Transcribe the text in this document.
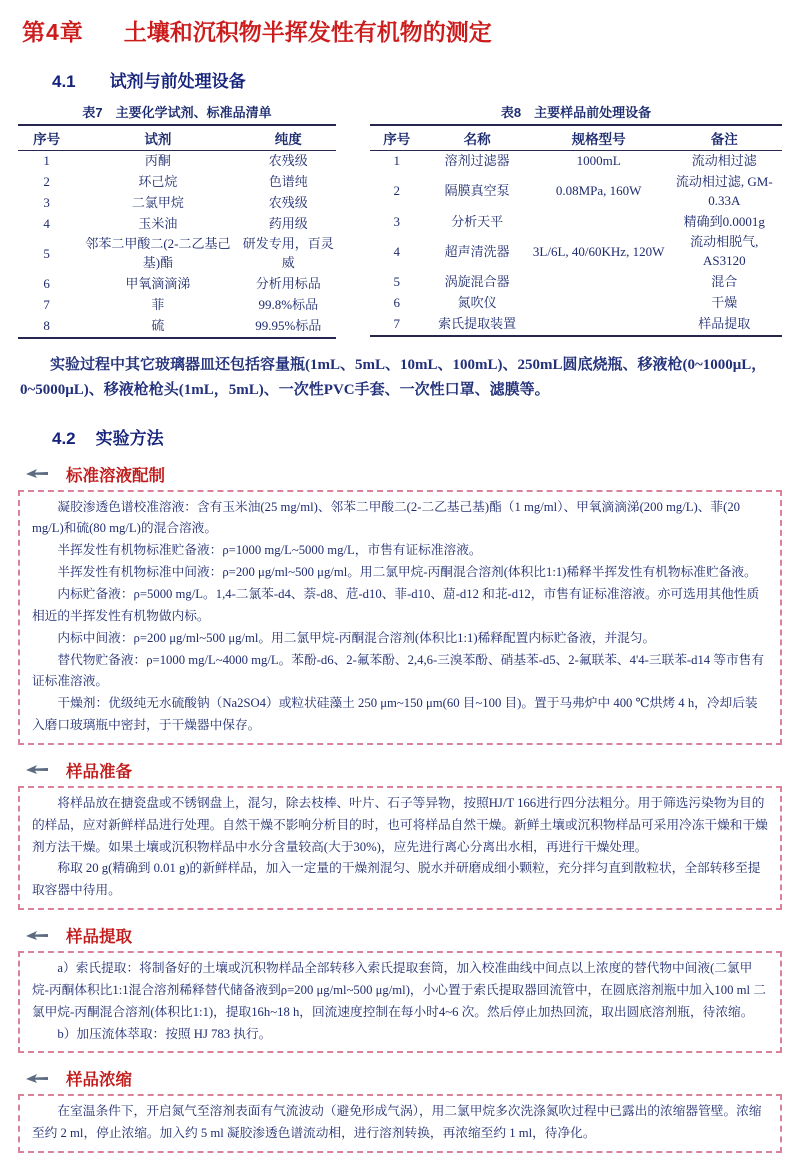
第4章 土壤和沉积物半挥发性有机物的测定
4.1 试剂与前处理设备
表7　主要化学试剂、标准品清单
序号	试剂	纯度
1	丙酮	农残级
2	环己烷	色谱纯
3	二氯甲烷	农残级
4	玉米油	药用级
5	邻苯二甲酸二(2-二乙基己基)酯	研发专用，百灵威
6	甲氧滴滴涕	分析用标品
7	菲	99.8%标品
8	硫	99.95%标品
表8　主要样品前处理设备
序号	名称	规格型号	备注
1	溶剂过滤器	1000mL	流动相过滤
2	隔膜真空泵	0.08MPa, 160W	流动相过滤, GM-0.33A
3	分析天平		精确到0.0001g
4	超声清洗器	3L/6L, 40/60KHz, 120W	流动相脱气, AS3120
5	涡旋混合器		混合
6	氮吹仪		干燥
7	索氏提取装置		样品提取

实验过程中其它玻璃器皿还包括容量瓶(1mL、5mL、10mL、100mL)、250mL圆底烧瓶、移液枪(0~1000μL，0~5000μL)、移液枪枪头(1mL，5mL)、一次性PVC手套、一次性口罩、滤膜等。

4.2 实验方法
标准溶液配制

凝胶渗透色谱校准溶液：含有玉米油(25 mg/ml)、邻苯二甲酸二(2-二乙基己基)酯（1 mg/ml）、甲氧滴滴涕(200 mg/L)、菲(20 mg/L)和硫(80 mg/L)的混合溶液。

半挥发性有机物标准贮备液：ρ=1000 mg/L~5000 mg/L，市售有证标准溶液。

半挥发性有机物标准中间液：ρ=200 μg/ml~500 μg/ml。用二氯甲烷-丙酮混合溶剂(体积比1:1)稀释半挥发性有机物标准贮备液。

内标贮备液：ρ=5000 mg/L。1,4-二氯苯-d4、萘-d8、苊-d10、菲-d10、䓛-d12 和苝-d12，市售有证标准溶液。亦可选用其他性质相近的半挥发性有机物做内标。

内标中间液：ρ=200 μg/ml~500 μg/ml。用二氯甲烷-丙酮混合溶剂(体积比1:1)稀释配置内标贮备液，并混匀。

替代物贮备液：ρ=1000 mg/L~4000 mg/L。苯酚-d6、2-氟苯酚、2,4,6-三溴苯酚、硝基苯-d5、2-氟联苯、4'4-三联苯-d14 等市售有证标准溶液。

干燥剂：优级纯无水硫酸钠（Na2SO4）或粒状硅藻土 250 μm~150 μm(60 目~100 目)。置于马弗炉中 400 ℃烘烤 4 h，冷却后装入磨口玻璃瓶中密封，于干燥器中保存。

样品准备

将样品放在搪瓷盘或不锈钢盘上，混匀，除去枝棒、叶片、石子等异物，按照HJ/T 166进行四分法粗分。用于筛选污染物为目的的样品，应对新鲜样品进行处理。自然干燥不影响分析目的时，也可将样品自然干燥。新鲜土壤或沉积物样品可采用冷冻干燥和干燥剂方法干燥。如果土壤或沉积物样品中水分含量较高(大于30%)，应先进行离心分离出水相，再进行干燥处理。

称取 20 g(精确到 0.01 g)的新鲜样品，加入一定量的干燥剂混匀、脱水并研磨成细小颗粒，充分拌匀直到散粒状，全部转移至提取容器中待用。

样品提取

a）索氏提取：将制备好的土壤或沉积物样品全部转移入索氏提取套筒，加入校准曲线中间点以上浓度的替代物中间液(二氯甲烷-丙酮体积比1:1混合溶剂稀释替代储备液到ρ=200 μg/ml~500 μg/ml)，小心置于索氏提取器回流管中，在圆底溶剂瓶中加入100 ml 二氯甲烷-丙酮混合溶剂(体积比1:1)，提取16h~18 h，回流速度控制在每小时4~6 次。然后停止加热回流，取出圆底溶剂瓶，待浓缩。

b）加压流体萃取：按照 HJ 783 执行。

样品浓缩

在室温条件下，开启氮气至溶剂表面有气流波动（避免形成气涡），用二氯甲烷多次洗涤氮吹过程中已露出的浓缩器管壁。浓缩至约 2 ml，停止浓缩。加入约 5 ml 凝胶渗透色谱流动相，进行溶剂转换，再浓缩至约 1 ml，待净化。
